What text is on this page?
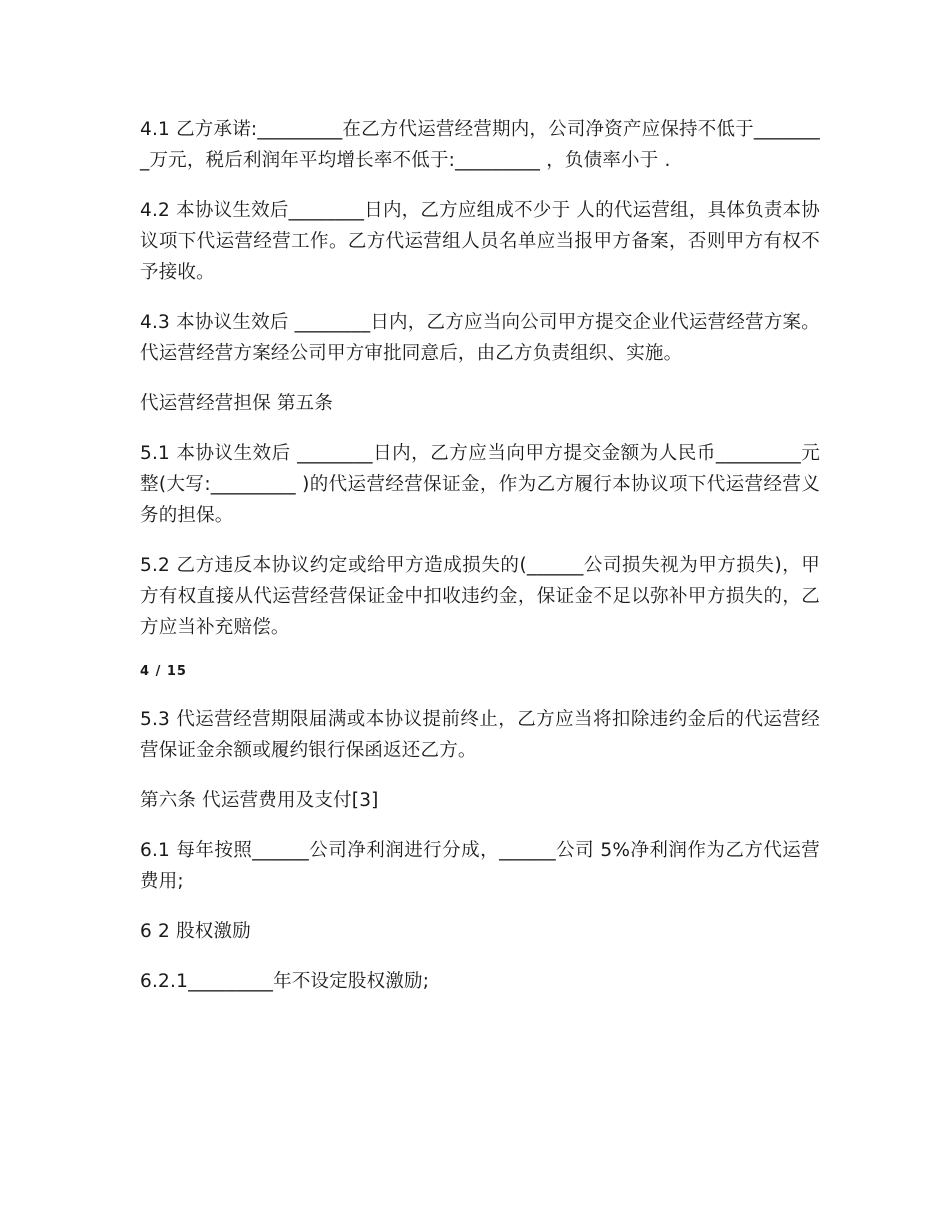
4.1 乙方承诺:_________在乙方代运营经营期内，公司净资产应保持不低于________万元，税后利润年平均增长率不低于:_________ ，负债率小于 .

4.2 本协议生效后________日内，乙方应组成不少于 人的代运营组，具体负责本协议项下代运营经营工作。乙方代运营组人员名单应当报甲方备案，否则甲方有权不予接收。

4.3 本协议生效后 ________日内，乙方应当向公司甲方提交企业代运营经营方案。代运营经营方案经公司甲方审批同意后，由乙方负责组织、实施。

代运营经营担保 第五条

5.1 本协议生效后 ________日内，乙方应当向甲方提交金额为人民币_________元整(大写:_________ )的代运营经营保证金，作为乙方履行本协议项下代运营经营义务的担保。

5.2 乙方违反本协议约定或给甲方造成损失的(______公司损失视为甲方损失)，甲方有权直接从代运营经营保证金中扣收违约金，保证金不足以弥补甲方损失的，乙方应当补充赔偿。

4 / 15

5.3 代运营经营期限届满或本协议提前终止，乙方应当将扣除违约金后的代运营经营保证金余额或履约银行保函返还乙方。

第六条 代运营费用及支付[3]

6.1 每年按照______公司净利润进行分成，______公司 5%净利润作为乙方代运营费用;

6 2 股权激励

6.2.1_________年不设定股权激励;
